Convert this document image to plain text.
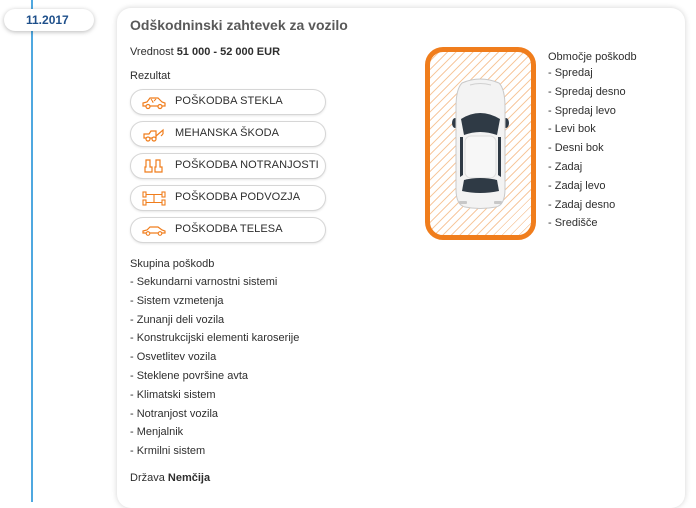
11.2017	Odškodninski zahtevek za vozilo
Vrednost 51 000 - 52 000 EUR
Rezultat
POŠKODBA STEKLA
MEHANSKA ŠKODA
POŠKODBA NOTRANJOSTI
POŠKODBA PODVOZJA
POŠKODBA TELESA
Skupina poškodb
- Sekundarni varnostni sistemi
- Sistem vzmetenja
- Zunanji deli vozila
- Konstrukcijski elementi karoserije
- Osvetlitev vozila
- Steklene površine avta
- Klimatski sistem
- Notranjost vozila
- Menjalnik
- Krmilni sistem
Država Nemčija
Območje poškodb
- Spredaj
- Spredaj desno
- Spredaj levo
- Levi bok
- Desni bok
- Zadaj
- Zadaj levo
- Zadaj desno
- Središče
